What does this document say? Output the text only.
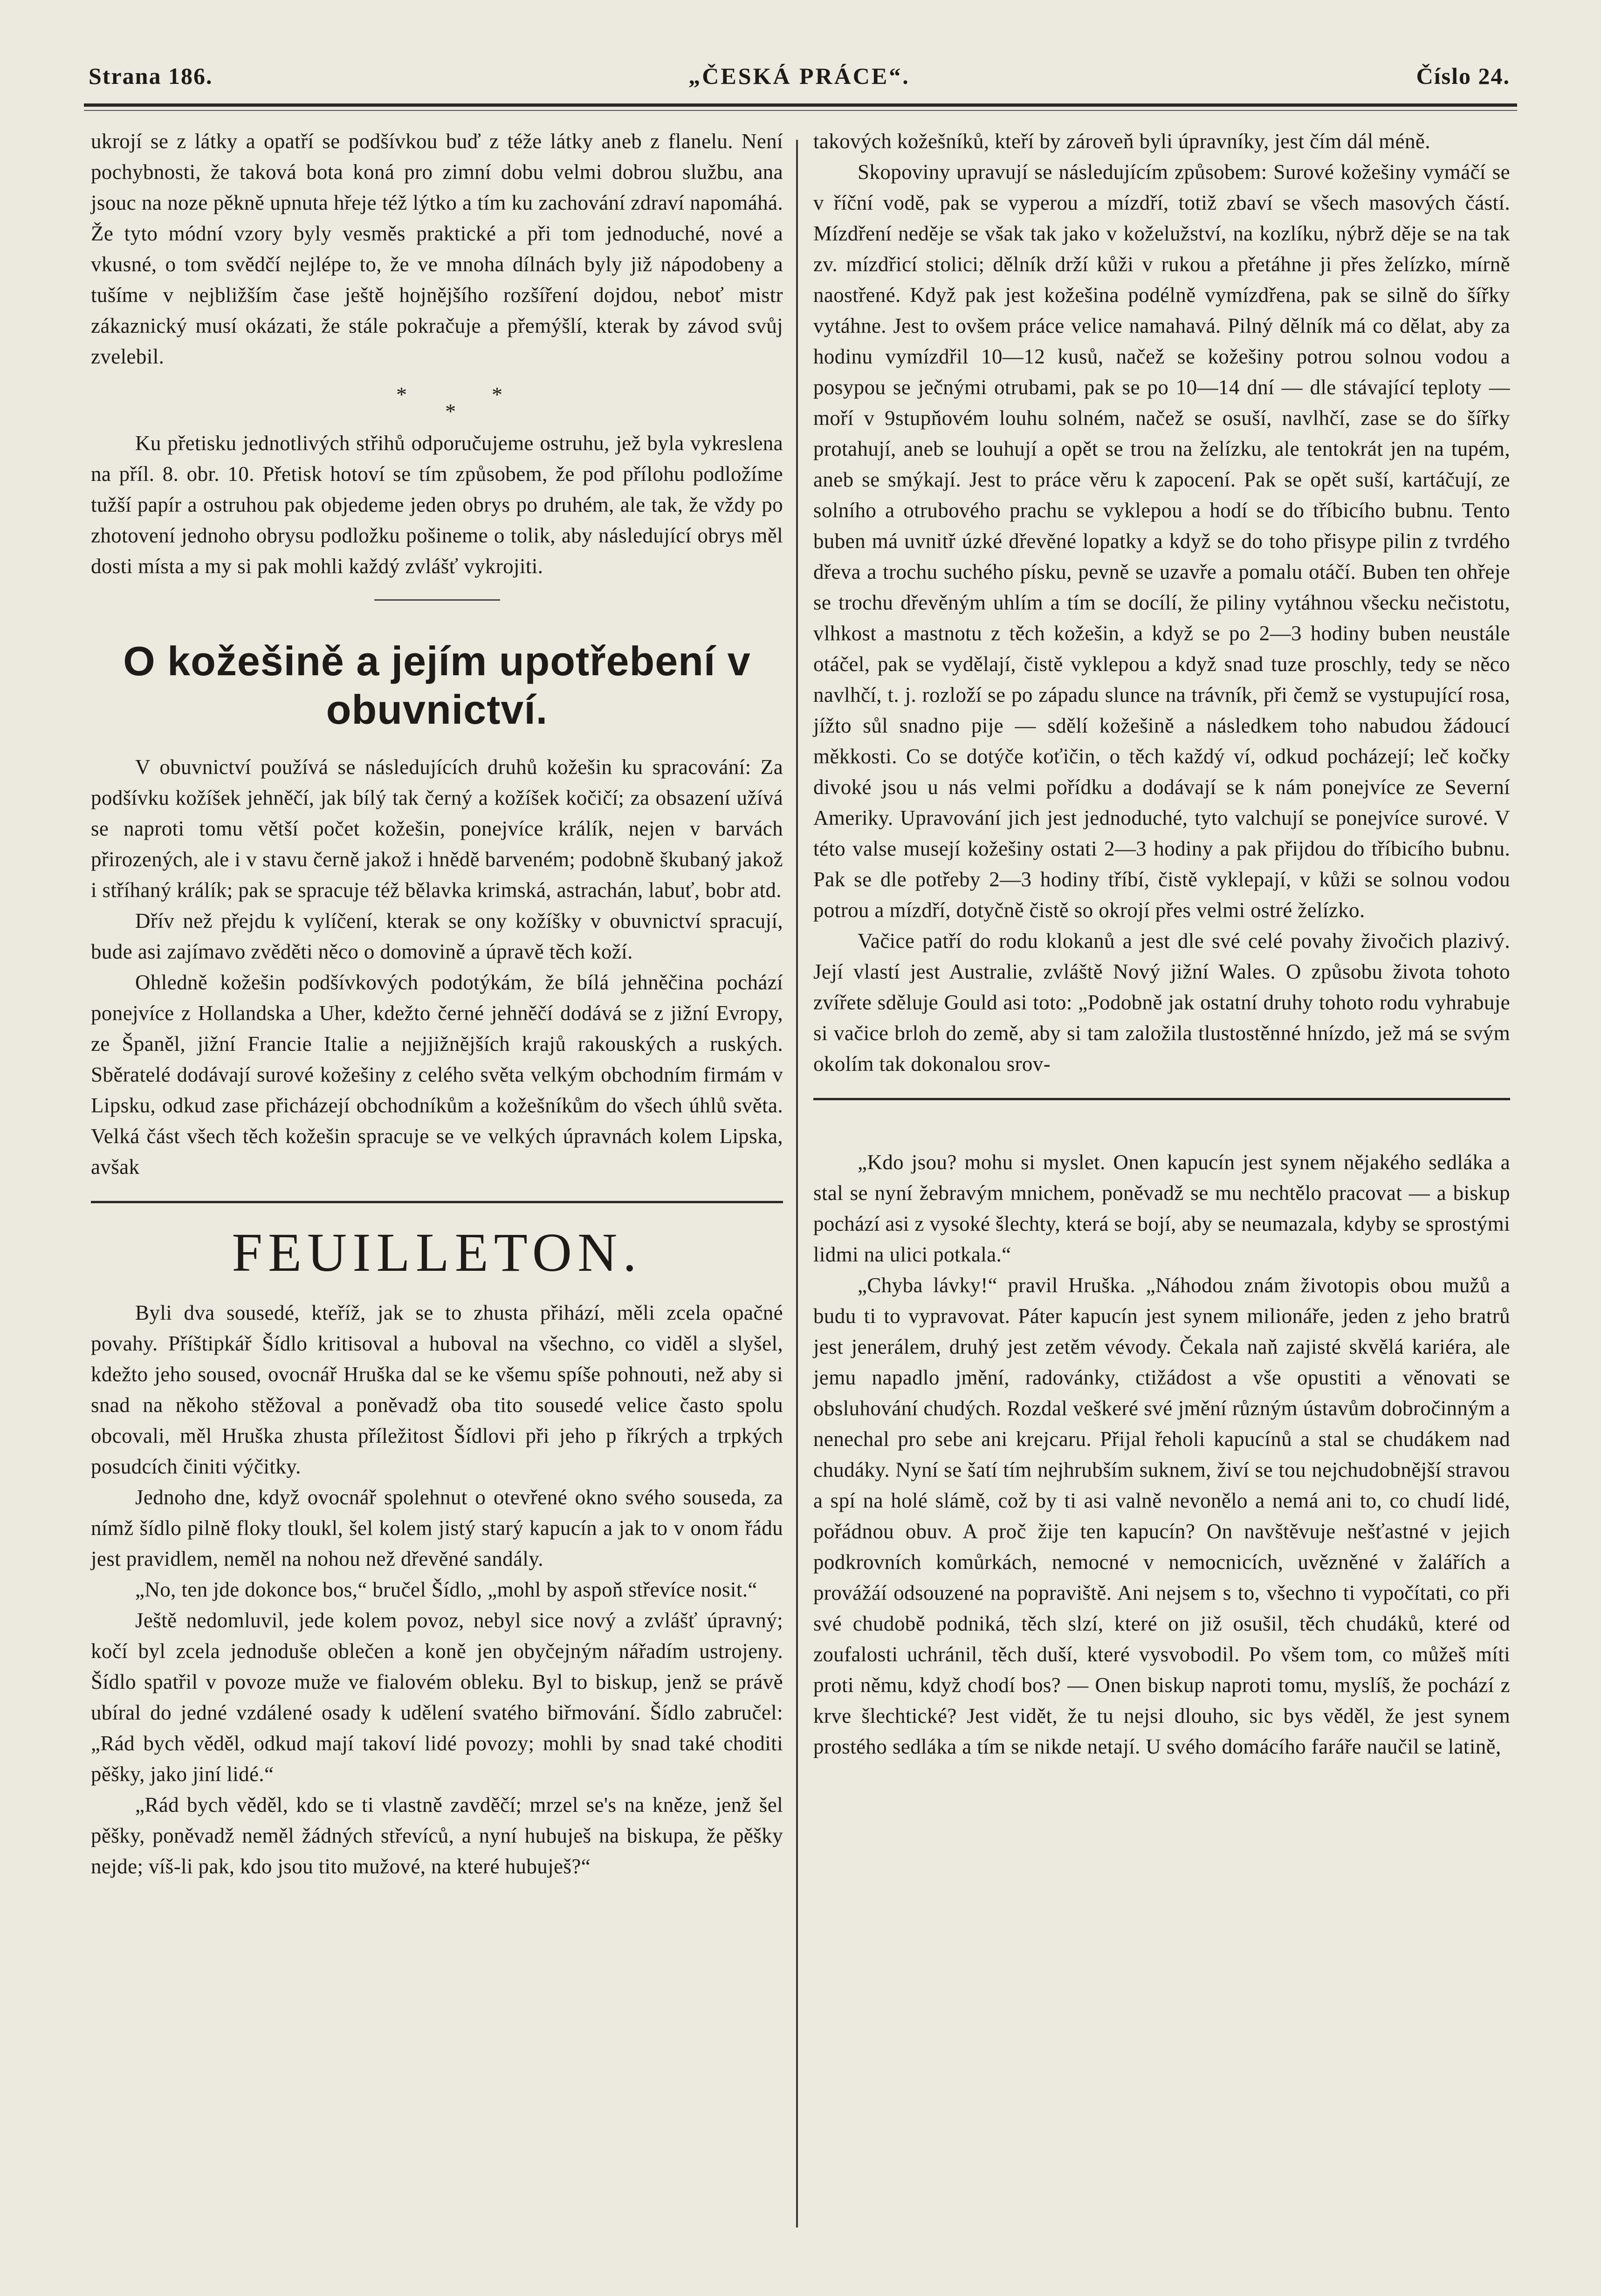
Strana 186.	„ČESKÁ PRÁCE“.	Číslo 24.

ukrojí se z látky a opatří se podšívkou buď z téže látky aneb z flanelu. Není pochybnosti, že taková bota koná pro zimní dobu velmi dobrou službu, ana jsouc na noze pěkně upnuta hřeje též lýtko a tím ku zachování zdraví napomáhá. Že tyto módní vzory byly vesměs praktické a při tom jednoduché, nové a vkusné, o tom svědčí nejlépe to, že ve mnoha dílnách byly již nápodobeny a tušíme v nejbližším čase ještě hojnějšího rozšíření dojdou, neboť mistr zákaznický musí okázati, že stále pokračuje a přemýšlí, kterak by závod svůj zvelebil.

*
*
*

Ku přetisku jednotlivých střihů odporučujeme ostruhu, jež byla vykreslena na příl. 8. obr. 10. Přetisk hotoví se tím způsobem, že pod přílohu podložíme tužší papír a ostruhou pak objedeme jeden obrys po druhém, ale tak, že vždy po zhotovení jednoho obrysu podložku pošineme o tolik, aby následující obrys měl dosti místa a my si pak mohli každý zvlášť vykrojiti.

O kožešině a jejím upotřebení v obuvnictví.

V obuvnictví používá se následujících druhů kožešin ku spracování: Za podšívku kožíšek jehněčí, jak bílý tak černý a kožíšek kočičí; za obsazení užívá se naproti tomu větší počet kožešin, ponejvíce králík, nejen v barvách přirozených, ale i v stavu černě jakož i hnědě barveném; podobně škubaný jakož i stříhaný králík; pak se spracuje též bělavka krimská, astrachán, labuť, bobr atd.

Dřív než přejdu k vylíčení, kterak se ony kožíšky v obuvnictví spracují, bude asi zajímavo zvěděti něco o domovině a úpravě těch koží.

Ohledně kožešin podšívkových podotýkám, že bílá jehněčina pochází ponejvíce z Hollandska a Uher, kdežto černé jehněčí dodává se z jižní Evropy, ze Španěl, jižní Francie Italie a nejjižnějších krajů rakouských a ruských. Sběratelé dodávají surové kožešiny z celého světa velkým obchodním firmám v Lipsku, odkud zase přicházejí obchodníkům a kožešníkům do všech úhlů světa. Velká část všech těch kožešin spracuje se ve velkých úpravnách kolem Lipska, avšak

FEUILLETON.

Byli dva sousedé, kteříž, jak se to zhusta přihází, měli zcela opačné povahy. Příštipkář Šídlo kritisoval a huboval na všechno, co viděl a slyšel, kdežto jeho soused, ovocnář Hruška dal se ke všemu spíše pohnouti, než aby si snad na někoho stěžoval a poněvadž oba tito sousedé velice často spolu obcovali, měl Hruška zhusta příležitost Šídlovi při jeho p říkrých a trpkých posudcích činiti výčitky.

Jednoho dne, když ovocnář spolehnut o otevřené okno svého souseda, za nímž šídlo pilně floky tloukl, šel kolem jistý starý kapucín a jak to v onom řádu jest pravidlem, neměl na nohou než dřevěné sandály.

„No, ten jde dokonce bos,“ bručel Šídlo, „mohl by aspoň střevíce nosit.“

Ještě nedomluvil, jede kolem povoz, nebyl sice nový a zvlášť úpravný; kočí byl zcela jednoduše oblečen a koně jen obyčejným nářadím ustrojeny. Šídlo spatřil v povoze muže ve fialovém obleku. Byl to biskup, jenž se právě ubíral do jedné vzdálené osady k udělení svatého biřmování. Šídlo zabručel: „Rád bych věděl, odkud mají takoví lidé povozy; mohli by snad také choditi pěšky, jako jiní lidé.“

„Rád bych věděl, kdo se ti vlastně zavděčí; mrzel se's na kněze, jenž šel pěšky, poněvadž neměl žádných střevíců, a nyní hubuješ na biskupa, že pěšky nejde; víš-li pak, kdo jsou tito mužové, na které hubuješ?“

takových kožešníků, kteří by zároveň byli úpravníky, jest čím dál méně.

Skopoviny upravují se následujícím způsobem: Surové kožešiny vymáčí se v říční vodě, pak se vyperou a mízdří, totiž zbaví se všech masových částí. Mízdření neděje se však tak jako v koželužství, na kozlíku, nýbrž děje se na tak zv. mízdřicí stolici; dělník drží kůži v rukou a přetáhne ji přes želízko, mírně naostřené. Když pak jest kožešina podélně vymízdřena, pak se silně do šířky vytáhne. Jest to ovšem práce velice namahavá. Pilný dělník má co dělat, aby za hodinu vymízdřil 10—12 kusů, načež se kožešiny potrou solnou vodou a posypou se ječnými otrubami, pak se po 10—14 dní — dle stávající teploty — moří v 9stupňovém louhu solném, načež se osuší, navlhčí, zase se do šířky protahují, aneb se louhují a opět se trou na želízku, ale tentokrát jen na tupém, aneb se smýkají. Jest to práce věru k zapocení. Pak se opět suší, kartáčují, ze solního a otrubového prachu se vyklepou a hodí se do tříbicího bubnu. Tento buben má uvnitř úzké dřevěné lopatky a když se do toho přisype pilin z tvrdého dřeva a trochu suchého písku, pevně se uzavře a pomalu otáčí. Buben ten ohřeje se trochu dřevěným uhlím a tím se docílí, že piliny vytáhnou všecku nečistotu, vlhkost a mastnotu z těch kožešin, a když se po 2—3 hodiny buben neustále otáčel, pak se vydělají, čistě vyklepou a když snad tuze proschly, tedy se něco navlhčí, t. j. rozloží se po západu slunce na trávník, při čemž se vystupující rosa, jížto sůl snadno pije — sdělí kožešině a následkem toho nabudou žádoucí měkkosti. Co se dotýče koťičin, o těch každý ví, odkud pocházejí; leč kočky divoké jsou u nás velmi pořídku a dodávají se k nám ponejvíce ze Severní Ameriky. Upravování jich jest jednoduché, tyto valchují se ponejvíce surové. V této valse musejí kožešiny ostati 2—3 hodiny a pak přijdou do tříbicího bubnu. Pak se dle potřeby 2—3 hodiny tříbí, čistě vyklepají, v kůži se solnou vodou potrou a mízdří, dotyčně čistě so okrojí přes velmi ostré želízko.

Vačice patří do rodu klokanů a jest dle své celé povahy živočich plazivý. Její vlastí jest Australie, zvláště Nový jižní Wales. O způsobu života tohoto zvířete sděluje Gould asi toto: „Podobně jak ostatní druhy tohoto rodu vyhrabuje si vačice brloh do země, aby si tam založila tlustostěnné hnízdo, jež má se svým okolím tak dokonalou srov-

„Kdo jsou? mohu si myslet. Onen kapucín jest synem nějakého sedláka a stal se nyní žebravým mnichem, poněvadž se mu nechtělo pracovat — a biskup pochází asi z vysoké šlechty, která se bojí, aby se neumazala, kdyby se sprostými lidmi na ulici potkala.“

„Chyba lávky!“ pravil Hruška. „Náhodou znám životopis obou mužů a budu ti to vypravovat. Páter kapucín jest synem milionáře, jeden z jeho bratrů jest jenerálem, druhý jest zetěm vévody. Čekala naň zajisté skvělá kariéra, ale jemu napadlo jmění, radovánky, ctižádost a vše opustiti a věnovati se obsluhování chudých. Rozdal veškeré své jmění různým ústavům dobročinným a nenechal pro sebe ani krejcaru. Přijal řeholi kapucínů a stal se chudákem nad chudáky. Nyní se šatí tím nejhrubším suknem, živí se tou nejchudobnější stravou a spí na holé slámě, což by ti asi valně nevonělo a nemá ani to, co chudí lidé, pořádnou obuv. A proč žije ten kapucín? On navštěvuje nešťastné v jejich podkrovních komůrkách, nemocné v nemocnicích, uvězněné v žalářích a provážáí odsouzené na popraviště. Ani nejsem s to, všechno ti vypočítati, co při své chudobě podniká, těch slzí, které on již osušil, těch chudáků, které od zoufalosti uchránil, těch duší, které vysvobodil. Po všem tom, co můžeš míti proti němu, když chodí bos? — Onen biskup naproti tomu, myslíš, že pochází z krve šlechtické? Jest vidět, že tu nejsi dlouho, sic bys věděl, že jest synem prostého sedláka a tím se nikde netají. U svého domácího faráře naučil se latině,
